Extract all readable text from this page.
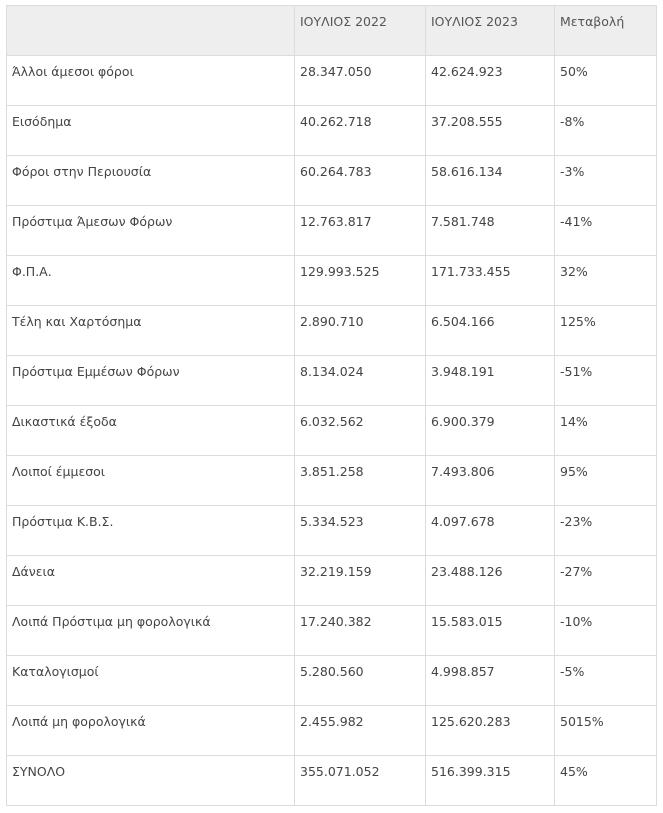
	ΙΟΥΛΙΟΣ 2022	ΙΟΥΛΙΟΣ 2023	Μεταβολή
Άλλοι άμεσοι φόροι	28.347.050	42.624.923	50%
Εισόδημα	40.262.718	37.208.555	-8%
Φόροι στην Περιουσία	60.264.783	58.616.134	-3%
Πρόστιμα Άμεσων Φόρων	12.763.817	7.581.748	-41%
Φ.Π.Α.	129.993.525	171.733.455	32%
Τέλη και Χαρτόσημα	2.890.710	6.504.166	125%
Πρόστιμα Εμμέσων Φόρων	8.134.024	3.948.191	-51%
Δικαστικά έξοδα	6.032.562	6.900.379	14%
Λοιποί έμμεσοι	3.851.258	7.493.806	95%
Πρόστιμα Κ.Β.Σ.	5.334.523	4.097.678	-23%
Δάνεια	32.219.159	23.488.126	-27%
Λοιπά Πρόστιμα μη φορολογικά	17.240.382	15.583.015	-10%
Καταλογισμοί	5.280.560	4.998.857	-5%
Λοιπά μη φορολογικά	2.455.982	125.620.283	5015%
ΣΥΝΟΛΟ	355.071.052	516.399.315	45%
